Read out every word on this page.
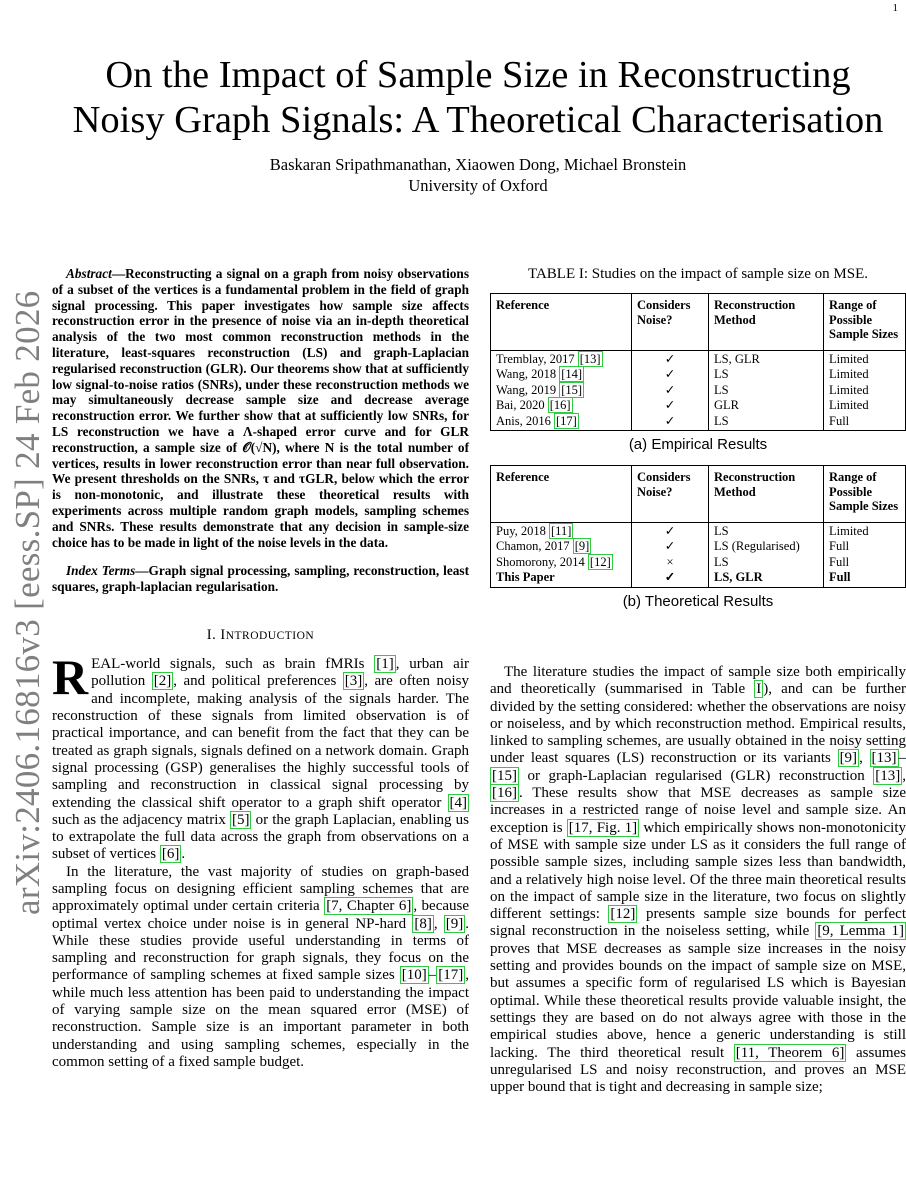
1
arXiv:2406.16816v3 [eess.SP] 24 Feb 2026
On the Impact of Sample Size in Reconstructing
Noisy Graph Signals: A Theoretical Characterisation
Baskaran Sripathmanathan, Xiaowen Dong, Michael Bronstein
University of Oxford

Abstract—Reconstructing a signal on a graph from noisy observations of a subset of the vertices is a fundamental problem in the field of graph signal processing. This paper investigates how sample size affects reconstruction error in the presence of noise via an in-depth theoretical analysis of the two most common reconstruction methods in the literature, least-squares reconstruction (LS) and graph-Laplacian regularised reconstruction (GLR). Our theorems show that at sufficiently low signal-to-noise ratios (SNRs), under these reconstruction methods we may simultaneously decrease sample size and decrease average reconstruction error. We further show that at sufficiently low SNRs, for LS reconstruction we have a Λ-shaped error curve and for GLR reconstruction, a sample size of 𝒪(√N), where N is the total number of vertices, results in lower reconstruction error than near full observation. We present thresholds on the SNRs, τ and τGLR, below which the error is non-monotonic, and illustrate these theoretical results with experiments across multiple random graph models, sampling schemes and SNRs. These results demonstrate that any decision in sample-size choice has to be made in light of the noise levels in the data.

Index Terms—Graph signal processing, sampling, reconstruction, least squares, graph-laplacian regularisation.

I. INTRODUCTION

REAL-world signals, such as brain fMRIs [1] , urban air pollution [2] , and political preferences [3] , are often noisy and incomplete, making analysis of the signals harder. The reconstruction of these signals from limited observation is of practical importance, and can benefit from the fact that they can be treated as graph signals, signals defined on a network domain. Graph signal processing (GSP) generalises the highly successful tools of sampling and reconstruction in classical signal processing by extending the classical shift operator to a graph shift operator [4] such as the adjacency matrix [5] or the graph Laplacian, enabling us to extrapolate the full data across the graph from observations on a subset of vertices [6] .

In the literature, the vast majority of studies on graph-based sampling focus on designing efficient sampling schemes that are approximately optimal under certain criteria [7, Chapter 6] , because optimal vertex choice under noise is in general NP-hard [8] , [9] . While these studies provide useful understanding in terms of sampling and reconstruction for graph signals, they focus on the performance of sampling schemes at fixed sample sizes [10] – [17] , while much less attention has been paid to understanding the impact of varying sample size on the mean squared error (MSE) of reconstruction. Sample size is an important parameter in both understanding and using sampling schemes, especially in the common setting of a fixed sample budget.

TABLE I: Studies on the impact of sample size on MSE.

Reference	Considers Noise?	Reconstruction Method	Range of Possible Sample Sizes
Tremblay, 2017 [13]	✓	LS, GLR	Limited
Wang, 2018 [14]	✓	LS	Limited
Wang, 2019 [15]	✓	LS	Limited
Bai, 2020 [16]	✓	GLR	Limited
Anis, 2016 [17]	✓	LS	Full
(a) Empirical Results
Reference	Considers Noise?	Reconstruction Method	Range of Possible Sample Sizes
Puy, 2018 [11]	✓	LS	Limited
Chamon, 2017 [9]	✓	LS (Regularised)	Full
Shomorony, 2014 [12]	×	LS	Full
This Paper	✓	LS, GLR	Full
(b) Theoretical Results

The literature studies the impact of sample size both empirically and theoretically (summarised in Table I ), and can be further divided by the setting considered: whether the observations are noisy or noiseless, and by which reconstruction method. Empirical results, linked to sampling schemes, are usually obtained in the noisy setting under least squares (LS) reconstruction or its variants [9] , [13] –[15] or graph-Laplacian regularised (GLR) reconstruction [13] , [16] . These results show that MSE decreases as sample size increases in a restricted range of noise level and sample size. An exception is [17, Fig. 1] which empirically shows non-monotonicity of MSE with sample size under LS as it considers the full range of possible sample sizes, including sample sizes less than bandwidth, and a relatively high noise level. Of the three main theoretical results on the impact of sample size in the literature, two focus on slightly different settings: [12] presents sample size bounds for perfect signal reconstruction in the noiseless setting, while [9, Lemma 1] proves that MSE decreases as sample size increases in the noisy setting and provides bounds on the impact of sample size on MSE, but assumes a specific form of regularised LS which is Bayesian optimal. While these theoretical results provide valuable insight, the settings they are based on do not always agree with those in the empirical studies above, hence a generic understanding is still lacking. The third theoretical result [11, Theorem 6] assumes unregularised LS and noisy reconstruction, and proves an MSE upper bound that is tight and decreasing in sample size;
